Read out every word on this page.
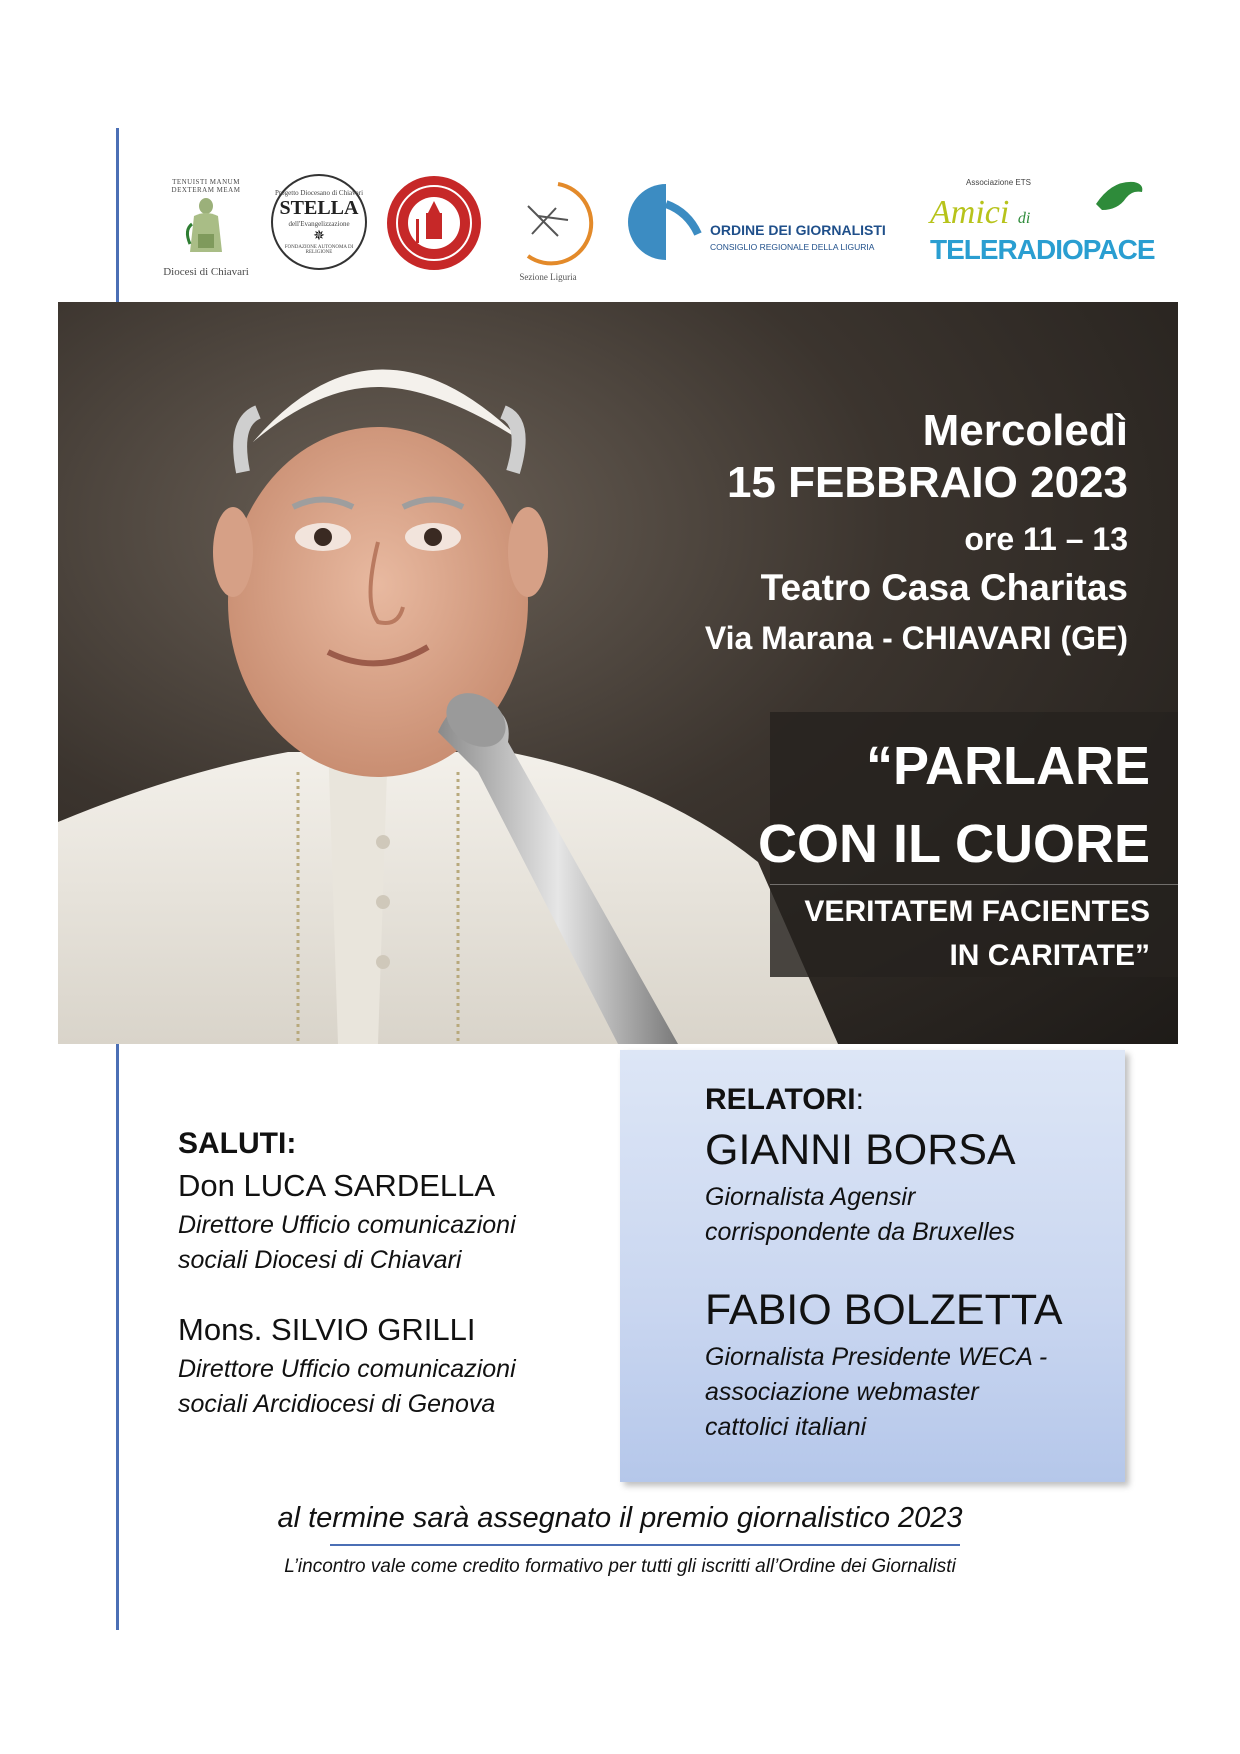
TENUISTI MANUM DEXTERAM MEAM
Diocesi di Chiavari
Progetto Diocesano di Chiavari
STELLA
dell'Evangelizzazione
✵
FONDAZIONE AUTONOMA DI RELIGIONE
Sezione Liguria
ORDINE DEI GIORNALISTI
CONSIGLIO REGIONALE DELLA LIGURIA
Associazione ETS
Amici di
TELERADIOPACE
Mercoledì
15 FEBBRAIO 2023
ore 11 – 13
Teatro Casa Charitas
Via Marana - CHIAVARI (GE)
“PARLARE
CON IL CUORE
VERITATEM FACIENTES
IN CARITATE”
SALUTI:
Don LUCA SARDELLA
Direttore Ufficio comunicazioni
sociali Diocesi di Chiavari
Mons. SILVIO GRILLI
Direttore Ufficio comunicazioni
sociali Arcidiocesi di Genova
RELATORI:
GIANNI BORSA
Giornalista Agensir
corrispondente da Bruxelles
FABIO BOLZETTA
Giornalista Presidente WECA -
associazione webmaster
cattolici italiani
al termine sarà assegnato il premio giornalistico 2023
L’incontro vale come credito formativo per tutti gli iscritti all’Ordine dei Giornalisti
